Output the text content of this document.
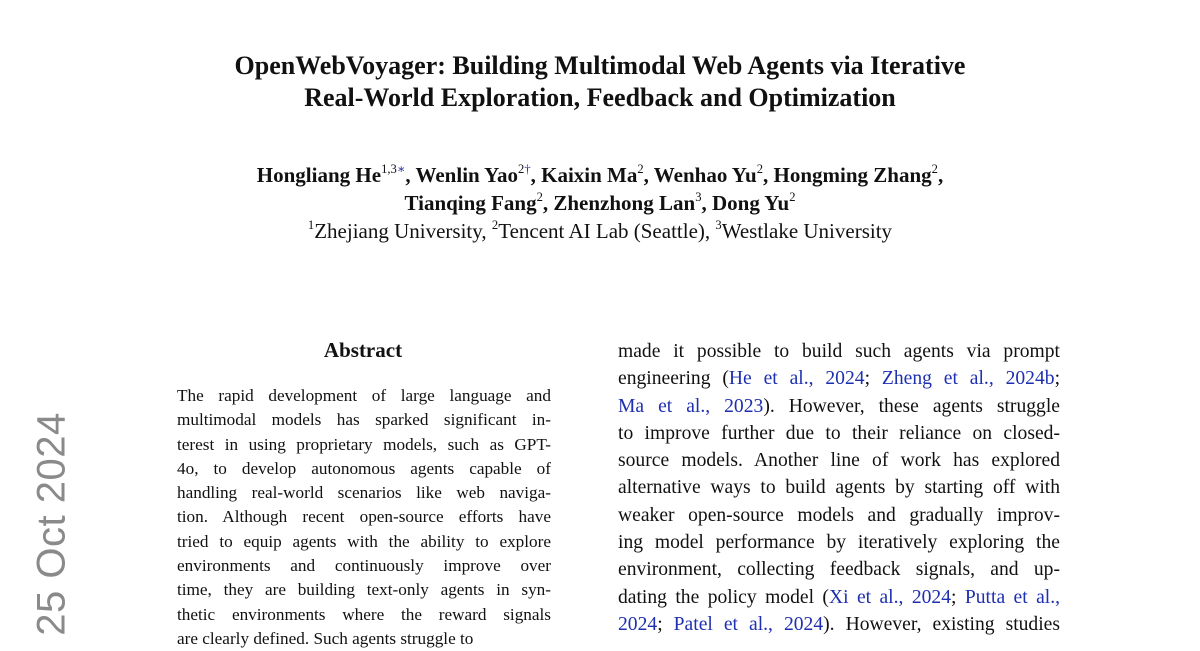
25 Oct 2024
OpenWebVoyager: Building Multimodal Web Agents via Iterative
Real-World Exploration, Feedback and Optimization
Hongliang $He^{1,3∗}$, Wenlin Yao$^{2\dagger}$, Kaixin Ma$^2$, Wenhao Yu$^2$, Hongming Zhang$^2$,
Tianqing Fang$^2$, Zhenzhong Lan$^3$, Dong Yu$^2$
$^1$Zhejiang University, $^2$Tencent AI Lab (Seattle), $^3$Westlake University
Abstract
The rapid development of large language and
multimodal models has sparked significant in-
terest in using proprietary models, such as GPT-
4o, to develop autonomous agents capable of
handling real-world scenarios like web naviga-
tion. Although recent open-source efforts have
tried to equip agents with the ability to explore
environments and continuously improve over
time, they are building text-only agents in syn-
thetic environments where the reward signals
are clearly defined. Such agents struggle to
made it possible to build such agents via prompt
engineering (He et al., 2024; Zheng et al., 2024b;
Ma et al., 2023). However, these agents struggle
to improve further due to their reliance on closed-
source models. Another line of work has explored
alternative ways to build agents by starting off with
weaker open-source models and gradually improv-
ing model performance by iteratively exploring the
environment, collecting feedback signals, and up-
dating the policy model (Xi et al., 2024; Putta et al.,
2024; Patel et al., 2024). However, existing studies
